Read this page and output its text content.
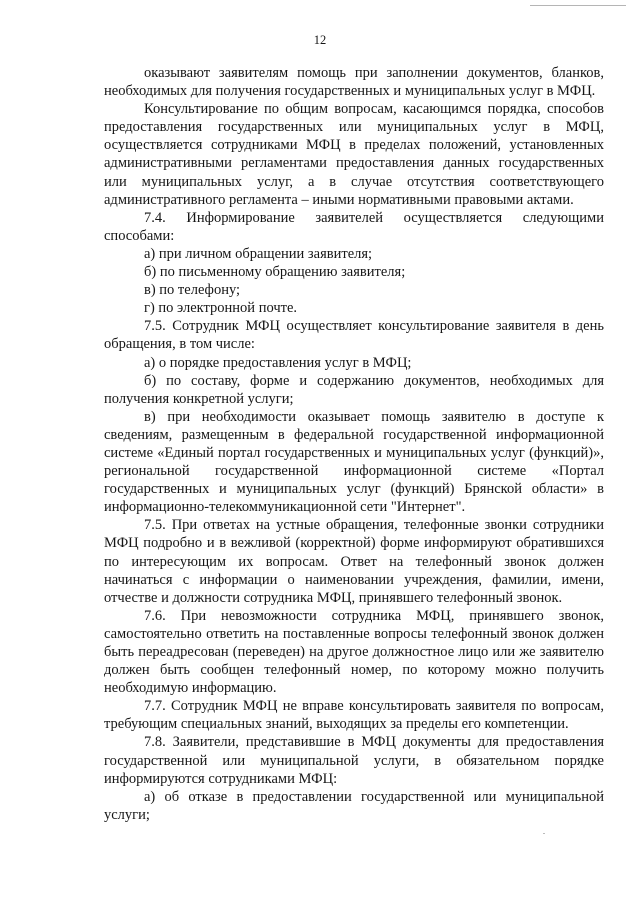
12

оказывают заявителям помощь при заполнении документов, бланков, необходимых для получения государственных и муниципальных услуг в МФЦ.

Консультирование по общим вопросам, касающимся порядка, способов предоставления государственных или муниципальных услуг в МФЦ, осуществляется сотрудниками МФЦ в пределах положений, установленных административными регламентами предоставления данных государственных или муниципальных услуг, а в случае отсутствия соответствующего административного регламента – иными нормативными правовыми актами.

7.4. Информирование заявителей осуществляется следующими способами:

а) при личном обращении заявителя;

б) по письменному обращению заявителя;

в) по телефону;

г) по электронной почте.

7.5. Сотрудник МФЦ осуществляет консультирование заявителя в день обращения, в том числе:

а) о порядке предоставления услуг в МФЦ;

б) по составу, форме и содержанию документов, необходимых для получения конкретной услуги;

в) при необходимости оказывает помощь заявителю в доступе к сведениям, размещенным в федеральной государственной информационной системе «Единый портал государственных и муниципальных услуг (функций)», региональной государственной информационной системе «Портал государственных и муниципальных услуг (функций) Брянской области» в информационно-телекоммуникационной сети "Интернет".

7.5. При ответах на устные обращения, телефонные звонки сотрудники МФЦ подробно и в вежливой (корректной) форме информируют обратившихся по интересующим их вопросам. Ответ на телефонный звонок должен начинаться с информации о наименовании учреждения, фамилии, имени, отчестве и должности сотрудника МФЦ, принявшего телефонный звонок.

7.6. При невозможности сотрудника МФЦ, принявшего звонок, самостоятельно ответить на поставленные вопросы телефонный звонок должен быть переадресован (переведен) на другое должностное лицо или же заявителю должен быть сообщен телефонный номер, по которому можно получить необходимую информацию.

7.7. Сотрудник МФЦ не вправе консультировать заявителя по вопросам, требующим специальных знаний, выходящих за пределы его компетенции.

7.8. Заявители, представившие в МФЦ документы для предоставления государственной или муниципальной услуги, в обязательном порядке информируются сотрудниками МФЦ:

а) об отказе в предоставлении государственной или муниципальной услуги;
